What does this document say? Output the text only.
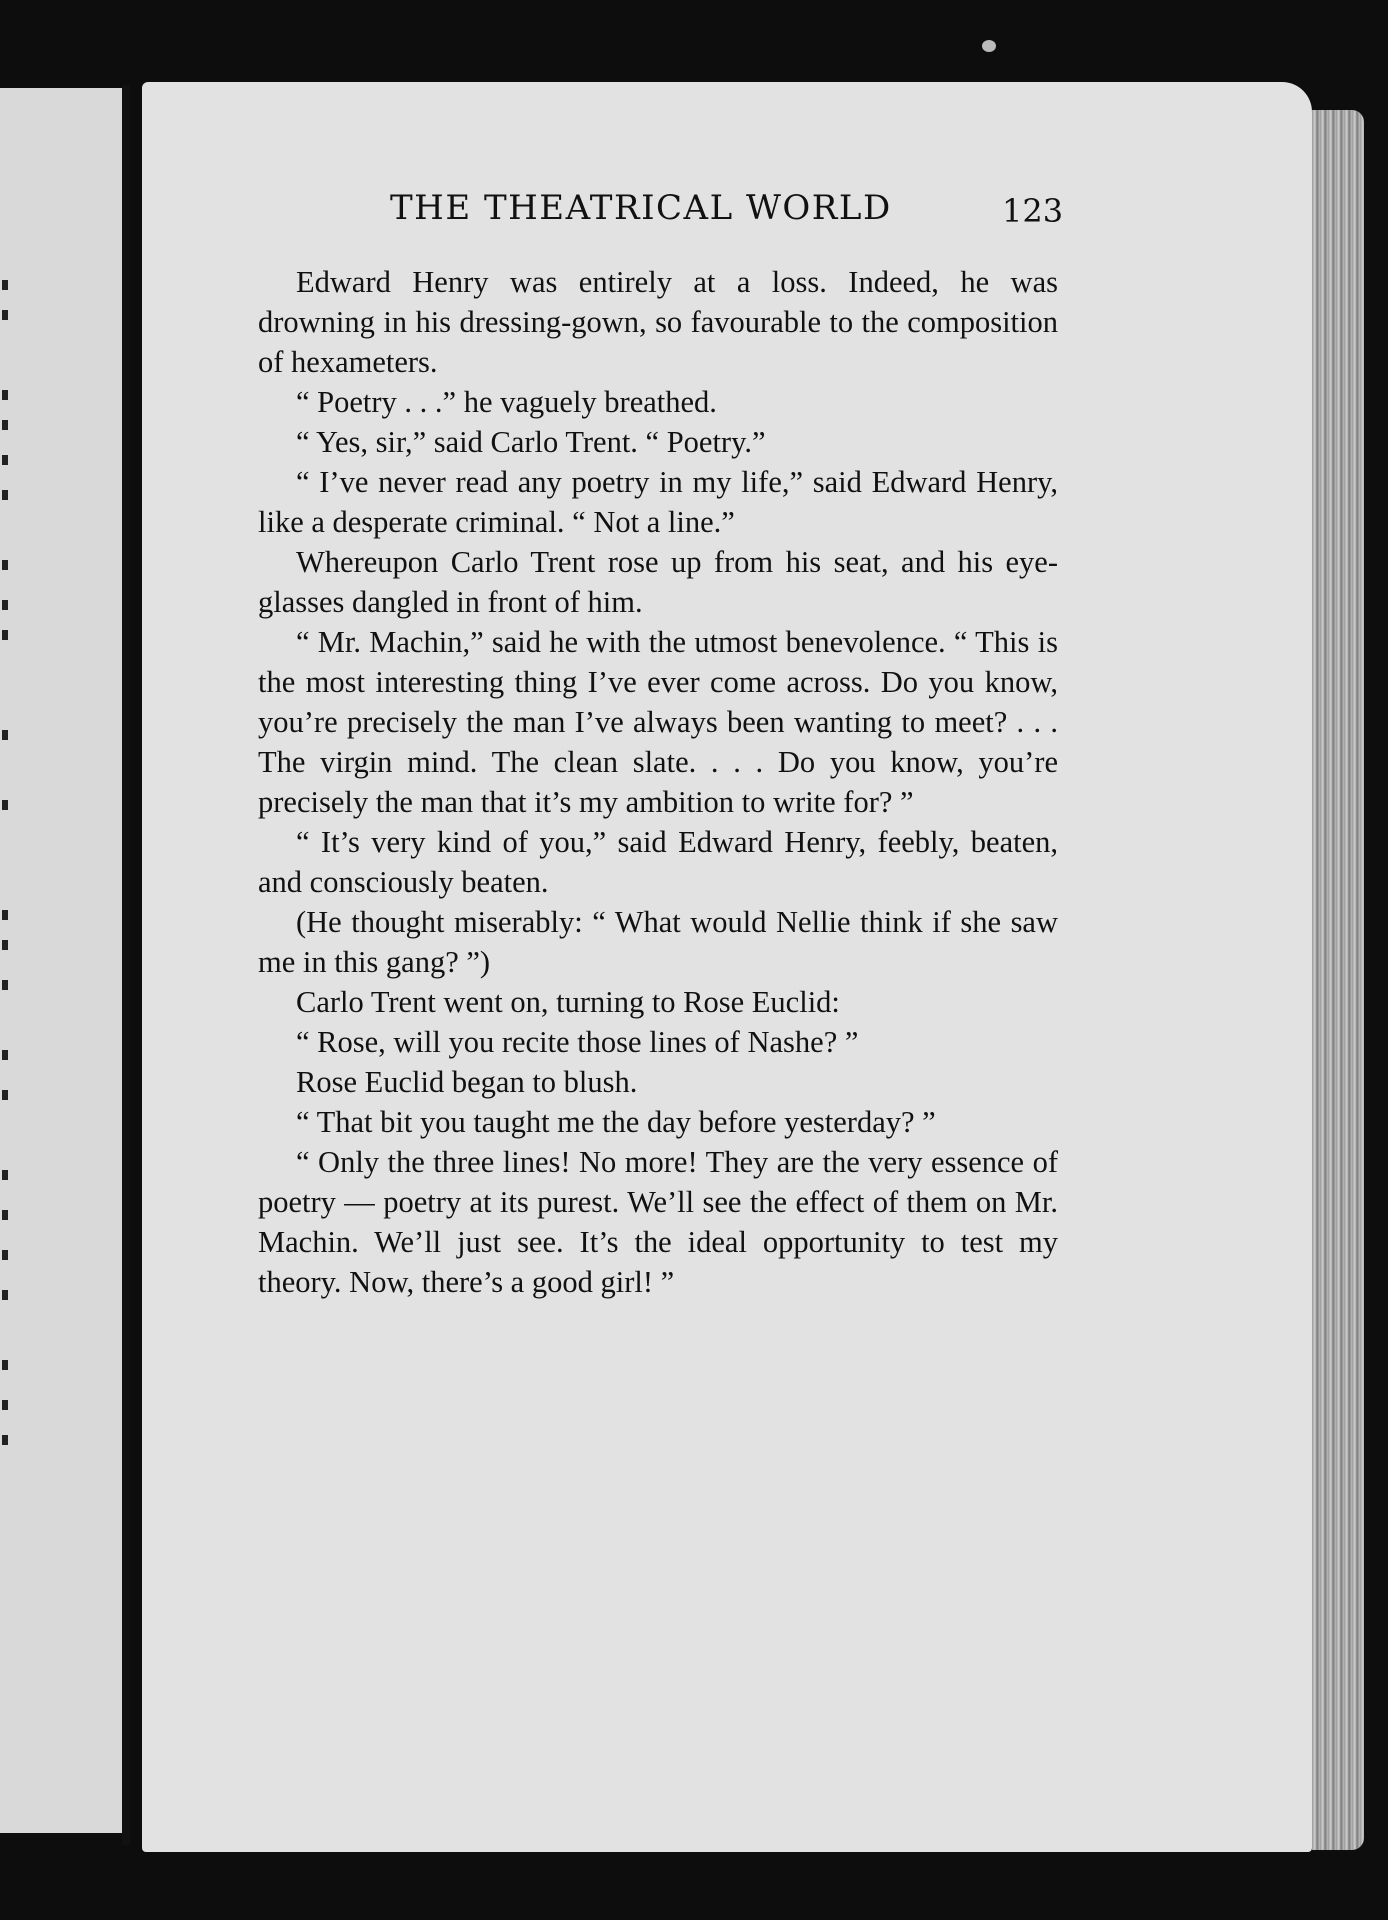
THE THEATRICAL WORLD	123

Edward Henry was entirely at a loss. Indeed, he was drowning in his dressing-gown, so favourable to the composition of hexameters.

“ Poetry . . .” he vaguely breathed.

“ Yes, sir,” said Carlo Trent. “ Poetry.”

“ I’ve never read any poetry in my life,” said Edward Henry, like a desperate criminal. “ Not a line.”

Whereupon Carlo Trent rose up from his seat, and his eye-glasses dangled in front of him.

“ Mr. Machin,” said he with the utmost benevolence. “ This is the most interesting thing I’ve ever come across. Do you know, you’re precisely the man I’ve always been wanting to meet? . . . The virgin mind. The clean slate. . . . Do you know, you’re precisely the man that it’s my ambition to write for? ”

“ It’s very kind of you,” said Edward Henry, feebly, beaten, and consciously beaten.

(He thought miserably: “ What would Nellie think if she saw me in this gang? ”)

Carlo Trent went on, turning to Rose Euclid:

“ Rose, will you recite those lines of Nashe? ”

Rose Euclid began to blush.

“ That bit you taught me the day before yesterday? ”

“ Only the three lines! No more! They are the very essence of poetry — poetry at its purest. We’ll see the effect of them on Mr. Machin. We’ll just see. It’s the ideal opportunity to test my theory. Now, there’s a good girl! ”
